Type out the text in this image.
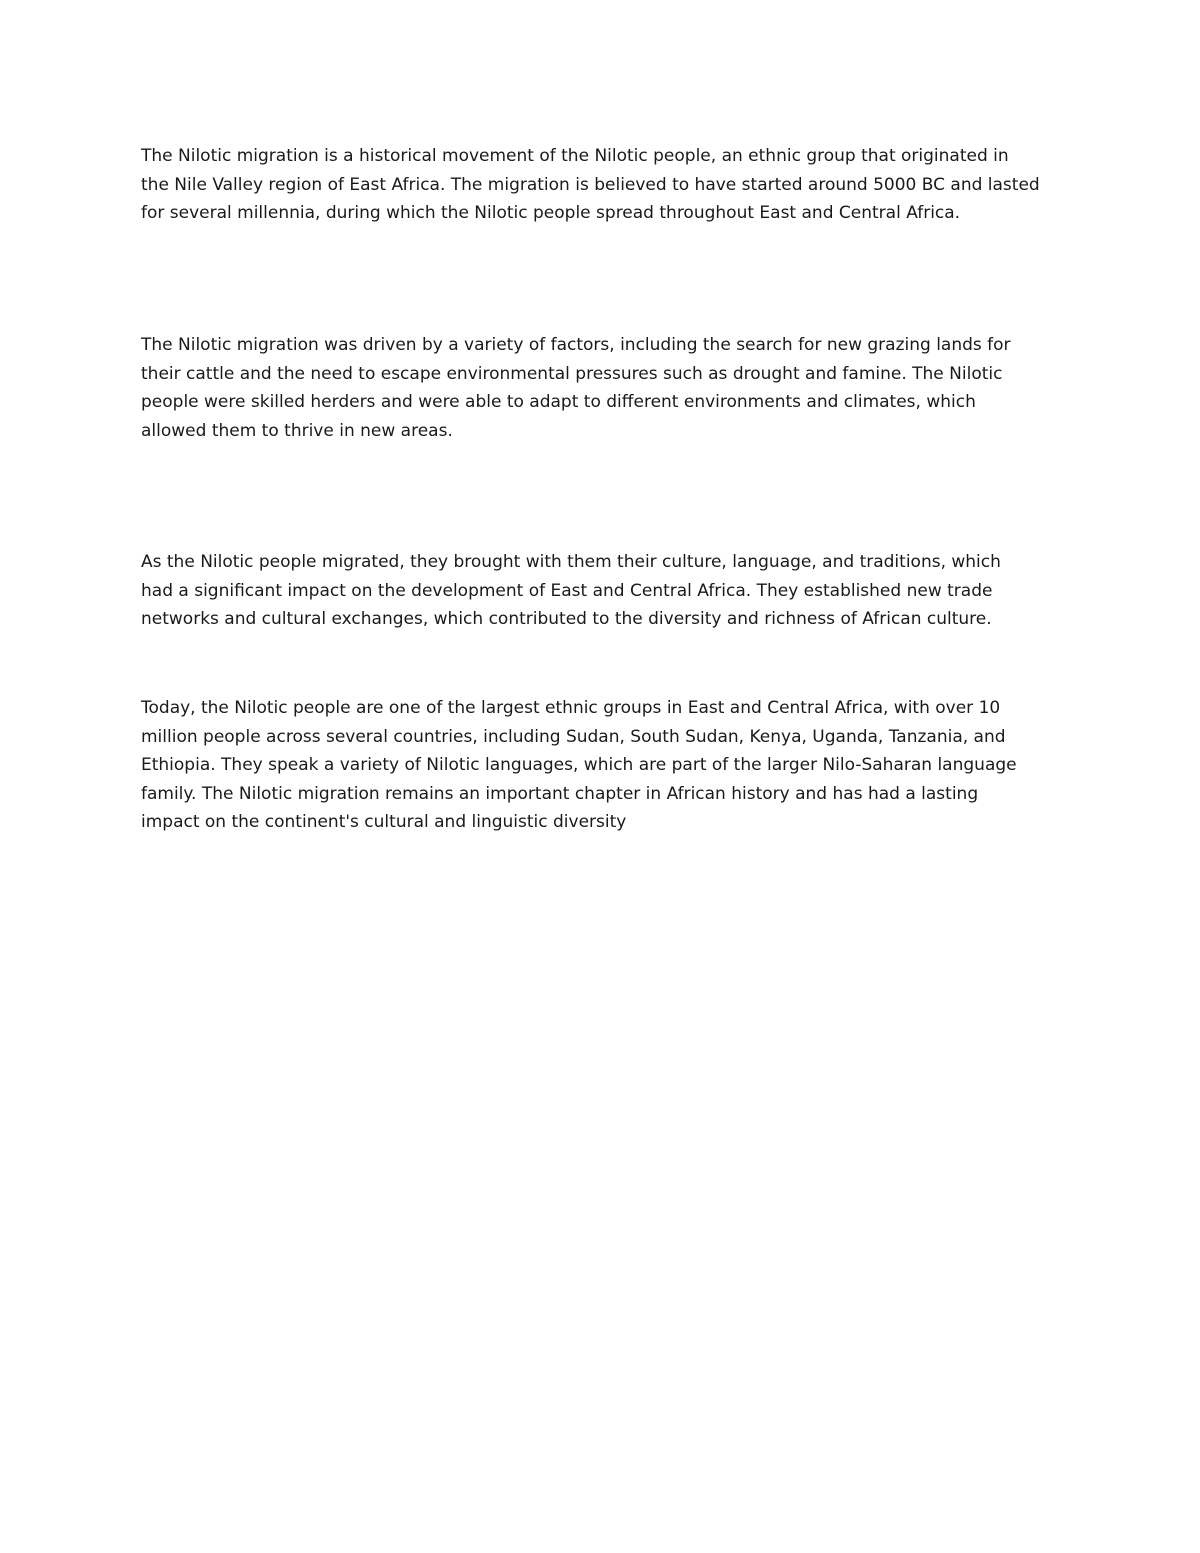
The Nilotic migration is a historical movement of the Nilotic people, an ethnic group that originated in
the Nile Valley region of East Africa. The migration is believed to have started around 5000 BC and lasted
for several millennia, during which the Nilotic people spread throughout East and Central Africa.

The Nilotic migration was driven by a variety of factors, including the search for new grazing lands for
their cattle and the need to escape environmental pressures such as drought and famine. The Nilotic
people were skilled herders and were able to adapt to different environments and climates, which
allowed them to thrive in new areas.

As the Nilotic people migrated, they brought with them their culture, language, and traditions, which
had a significant impact on the development of East and Central Africa. They established new trade
networks and cultural exchanges, which contributed to the diversity and richness of African culture.

Today, the Nilotic people are one of the largest ethnic groups in East and Central Africa, with over 10
million people across several countries, including Sudan, South Sudan, Kenya, Uganda, Tanzania, and
Ethiopia. They speak a variety of Nilotic languages, which are part of the larger Nilo-Saharan language
family. The Nilotic migration remains an important chapter in African history and has had a lasting
impact on the continent's cultural and linguistic diversity
